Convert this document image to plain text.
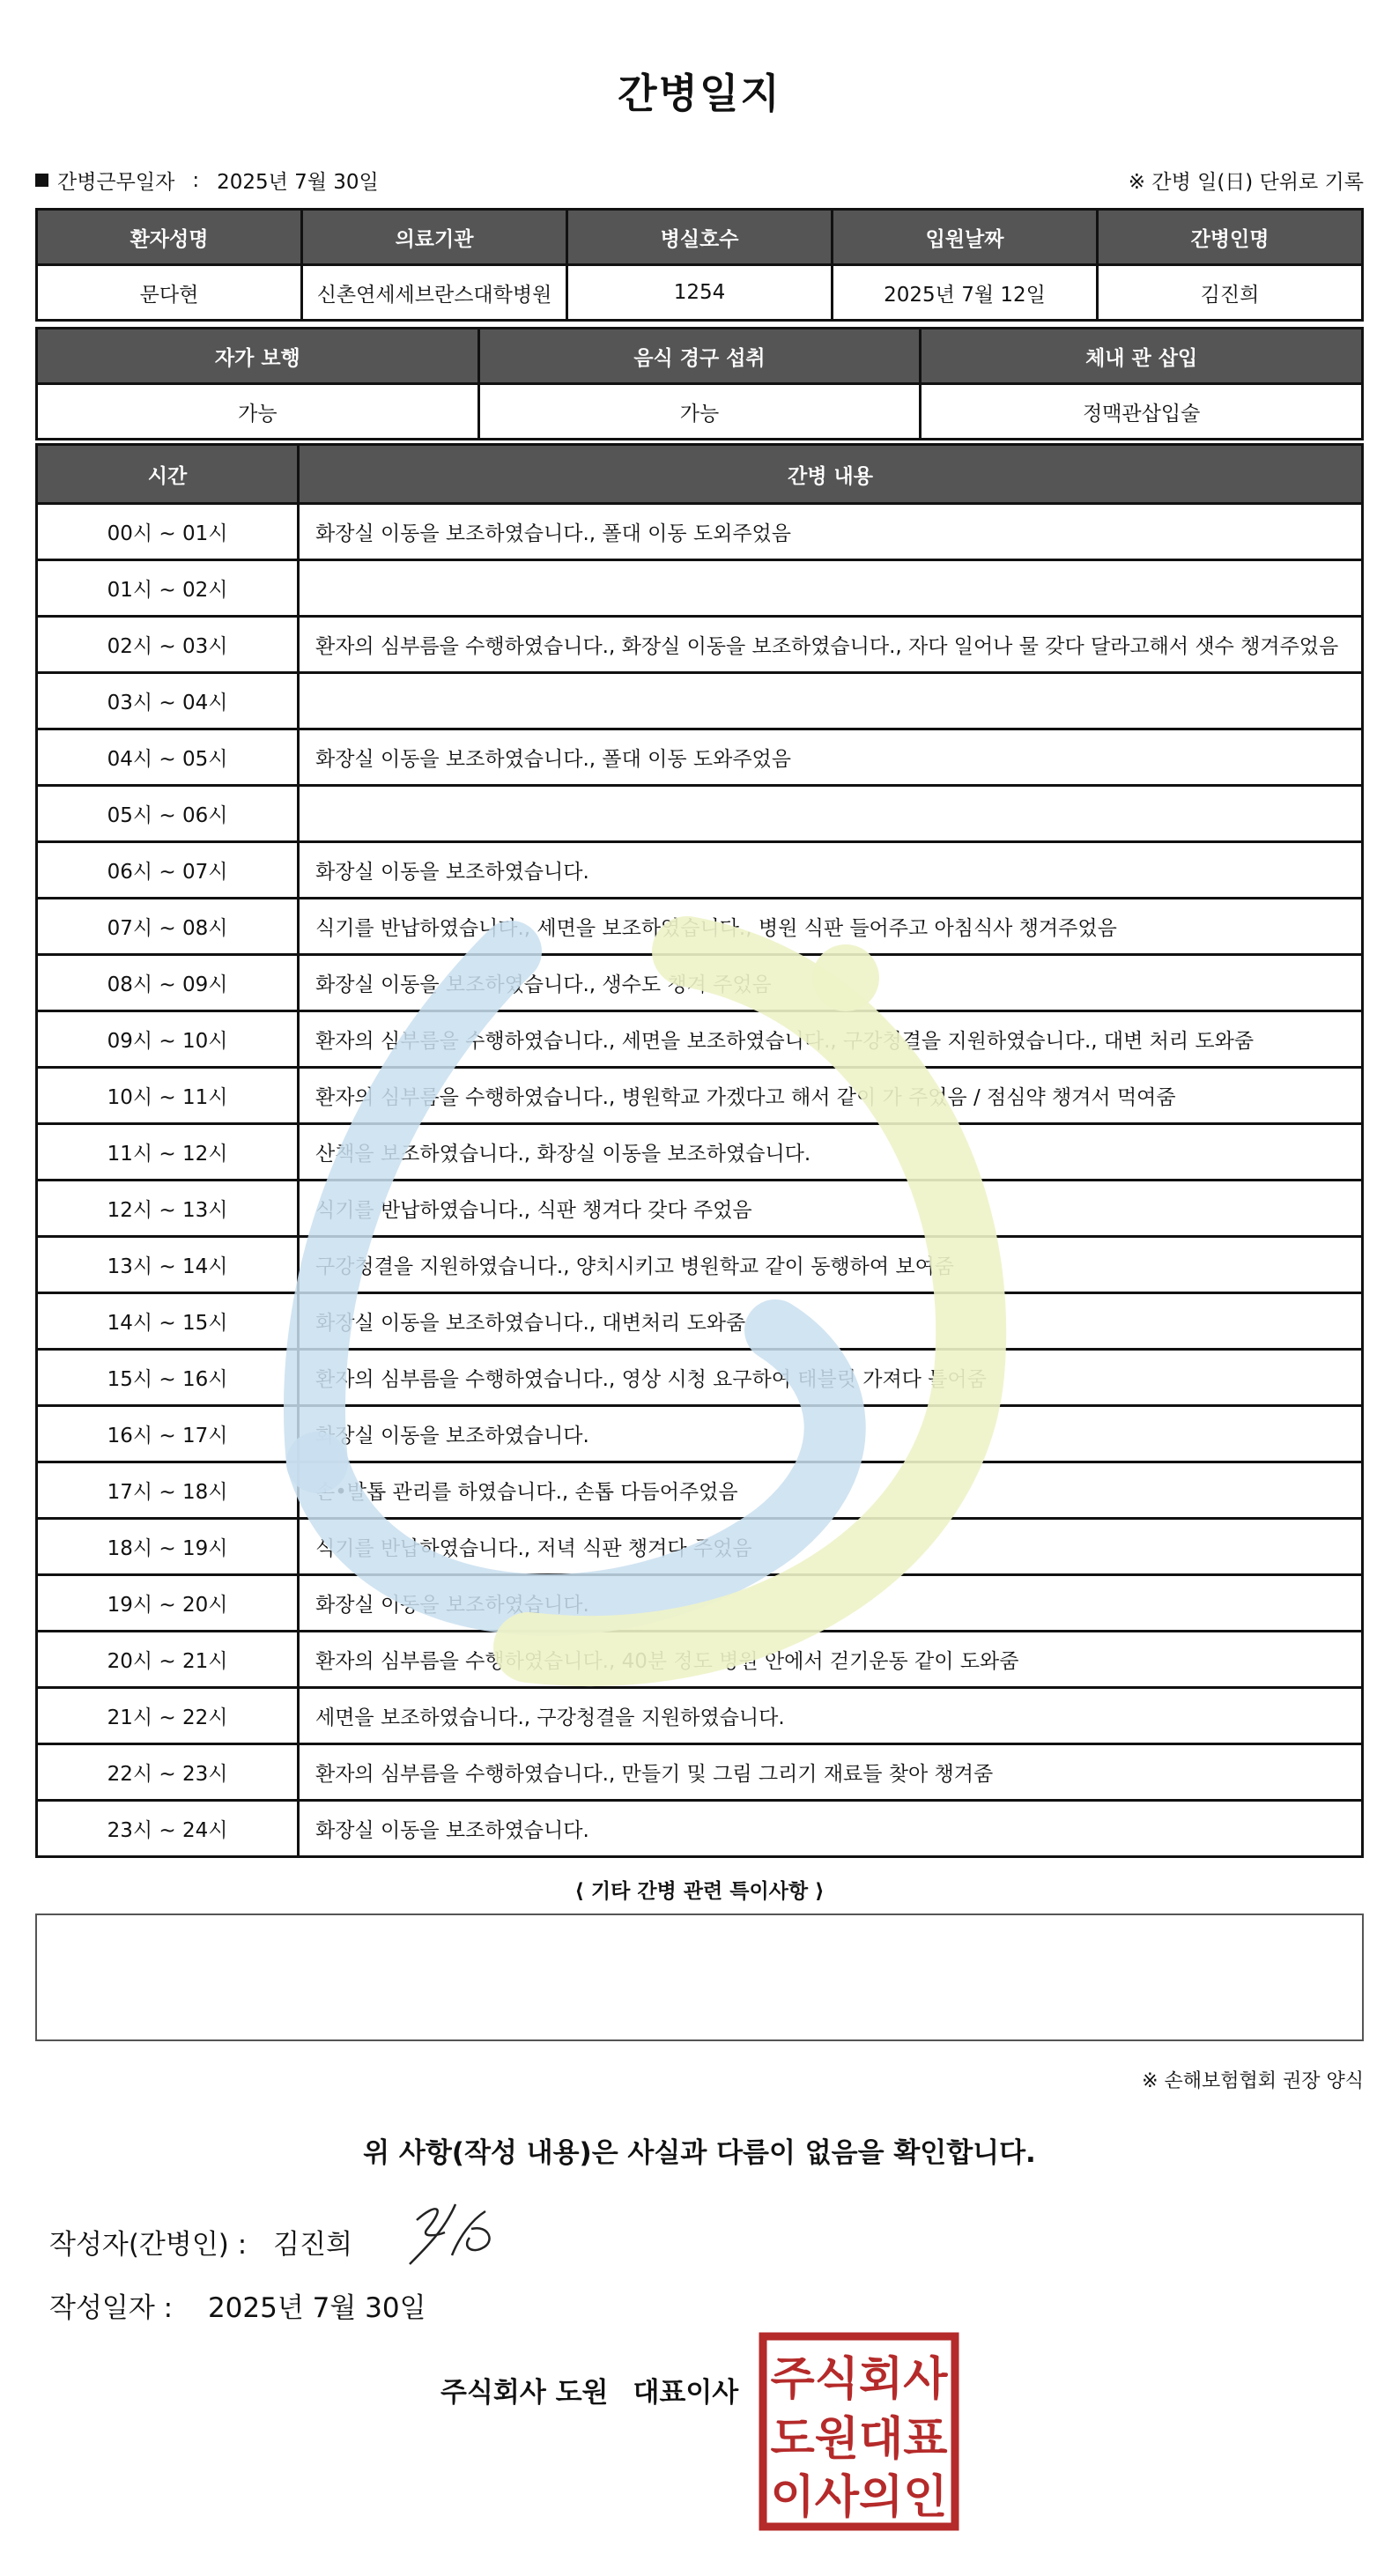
간병일지
간병근무일자 : 2025년 7월 30일	※ 간병 일(日) 단위로 기록
환자성명	의료기관	병실호수	입원날짜	간병인명
문다현	신촌연세세브란스대학병원	1254	2025년 7월 12일	김진희
자가 보행	음식 경구 섭취	체내 관 삽입
가능	가능	정맥관삽입술
시간	간병 내용
00시 ~ 01시	화장실 이동을 보조하였습니다., 폴대 이동 도외주었음
01시 ~ 02시
02시 ~ 03시	환자의 심부름을 수행하였습니다., 화장실 이동을 보조하였습니다., 자다 일어나 물 갖다 달라고해서 샛수 챙겨주었음
03시 ~ 04시
04시 ~ 05시	화장실 이동을 보조하였습니다., 폴대 이동 도와주었음
05시 ~ 06시
06시 ~ 07시	화장실 이동을 보조하였습니다.
07시 ~ 08시	식기를 반납하였습니다., 세면을 보조하였습니다., 병원 식판 들어주고 아침식사 챙겨주었음
08시 ~ 09시	화장실 이동을 보조하였습니다., 생수도 챙겨 주었음
09시 ~ 10시	환자의 심부름을 수행하였습니다., 세면을 보조하였습니다., 구강청결을 지원하였습니다., 대변 처리 도와줌
10시 ~ 11시	환자의 심부름을 수행하였습니다., 병원학교 가겠다고 해서 같이 가 주었음 / 점심약 챙겨서 먹여줌
11시 ~ 12시	산책을 보조하였습니다., 화장실 이동을 보조하였습니다.
12시 ~ 13시	식기를 반납하였습니다., 식판 챙겨다 갖다 주었음
13시 ~ 14시	구강청결을 지원하였습니다., 양치시키고 병원학교 같이 동행하여 보여줌
14시 ~ 15시	화장실 이동을 보조하였습니다., 대변처리 도와줌
15시 ~ 16시	환자의 심부름을 수행하였습니다., 영상 시청 요구하여 태블릿 가져다 틀어줌
16시 ~ 17시	화장실 이동을 보조하였습니다.
17시 ~ 18시	손•발톱 관리를 하였습니다., 손톱 다듬어주었음
18시 ~ 19시	식기를 반납하였습니다., 저녁 식판 챙겨다 주었음
19시 ~ 20시	화장실 이동을 보조하였습니다.
20시 ~ 21시	환자의 심부름을 수행하였습니다., 40분 정도 병원 안에서 걷기운동 같이 도와줌
21시 ~ 22시	세면을 보조하였습니다., 구강청결을 지원하였습니다.
22시 ~ 23시	환자의 심부름을 수행하였습니다., 만들기 및 그림 그리기 재료들 찾아 챙겨줌
23시 ~ 24시	화장실 이동을 보조하였습니다.
⟨ 기타 간병 관련 특이사항 ⟩
※ 손해보험협회 권장 양식
위 사항(작성 내용)은 사실과 다름이 없음을 확인합니다.
작성자(간병인) : 김진희
작성일자 : 2025년 7월 30일
주식회사 도원 대표이사 주식회사
도원대표
이사의인
